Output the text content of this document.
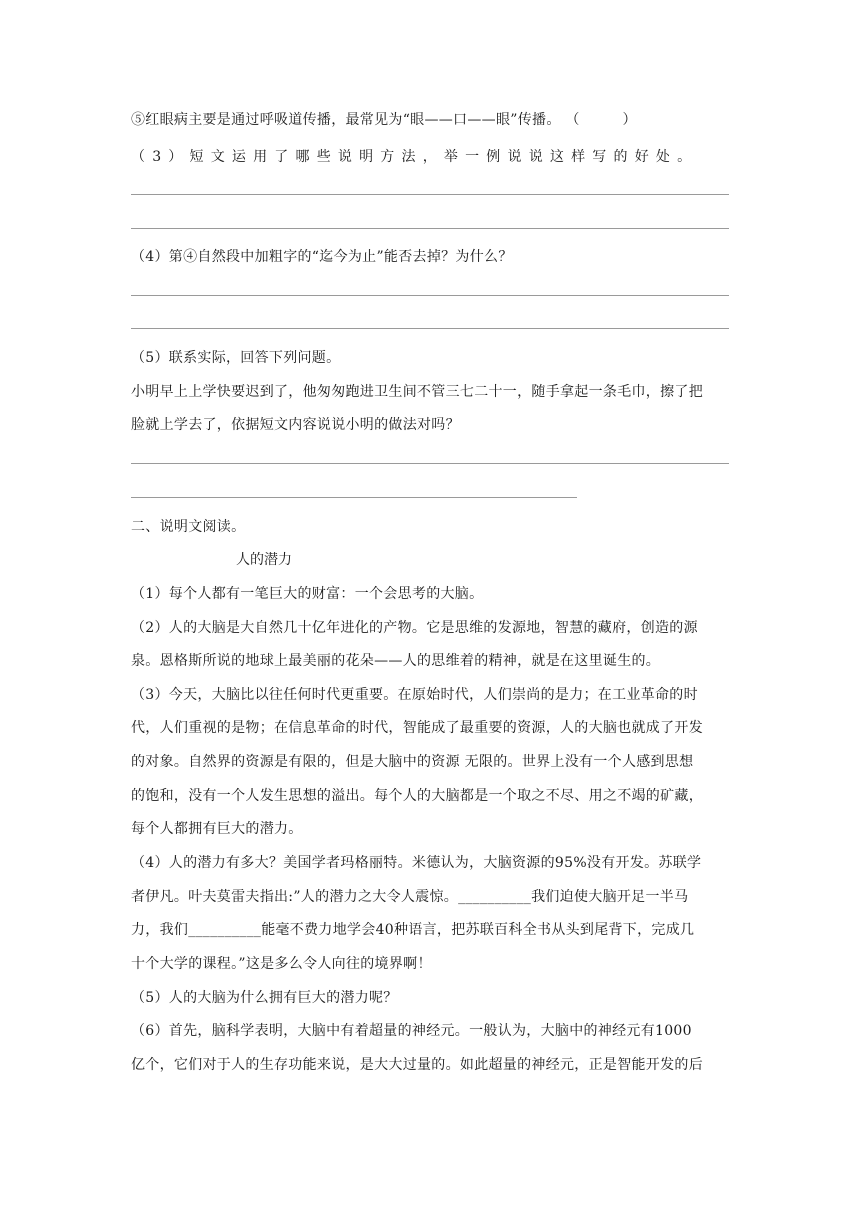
⑤红眼病主要是通过呼吸道传播，最常见为“眼——口——眼”传播。 （　　　）
（3）短文运用了哪些说明方法，举一例说说这样写的好处。
（4）第④自然段中加粗字的“迄今为止”能否去掉？为什么？
（5）联系实际，回答下列问题。
小明早上上学快要迟到了，他匆匆跑进卫生间不管三七二十一，随手拿起一条毛巾，擦了把
脸就上学去了，依据短文内容说说小明的做法对吗？
二、说明文阅读。
人的潜力
（1）每个人都有一笔巨大的财富：一个会思考的大脑。
（2）人的大脑是大自然几十亿年进化的产物。它是思维的发源地，智慧的藏府，创造的源
泉。恩格斯所说的地球上最美丽的花朵——人的思维着的精神，就是在这里诞生的。
（3）今天，大脑比以往任何时代更重要。在原始时代，人们崇尚的是力；在工业革命的时
代，人们重视的是物；在信息革命的时代，智能成了最重要的资源，人的大脑也就成了开发
的对象。自然界的资源是有限的，但是大脑中的资源 无限的。世界上没有一个人感到思想
的饱和，没有一个人发生思想的溢出。每个人的大脑都是一个取之不尽、用之不竭的矿藏，
每个人都拥有巨大的潜力。
（4）人的潜力有多大？美国学者玛格丽特。米德认为，大脑资源的95%没有开发。苏联学
者伊凡。叶夫莫雷夫指出:”人的潜力之大令人震惊。__________我们迫使大脑开足一半马
力，我们__________能毫不费力地学会40种语言，把苏联百科全书从头到尾背下，完成几
十个大学的课程。”这是多么令人向往的境界啊！
（5）人的大脑为什么拥有巨大的潜力呢？
（6）首先，脑科学表明，大脑中有着超量的神经元。一般认为，大脑中的神经元有1000
亿个，它们对于人的生存功能来说，是大大过量的。如此超量的神经元，正是智能开发的后
